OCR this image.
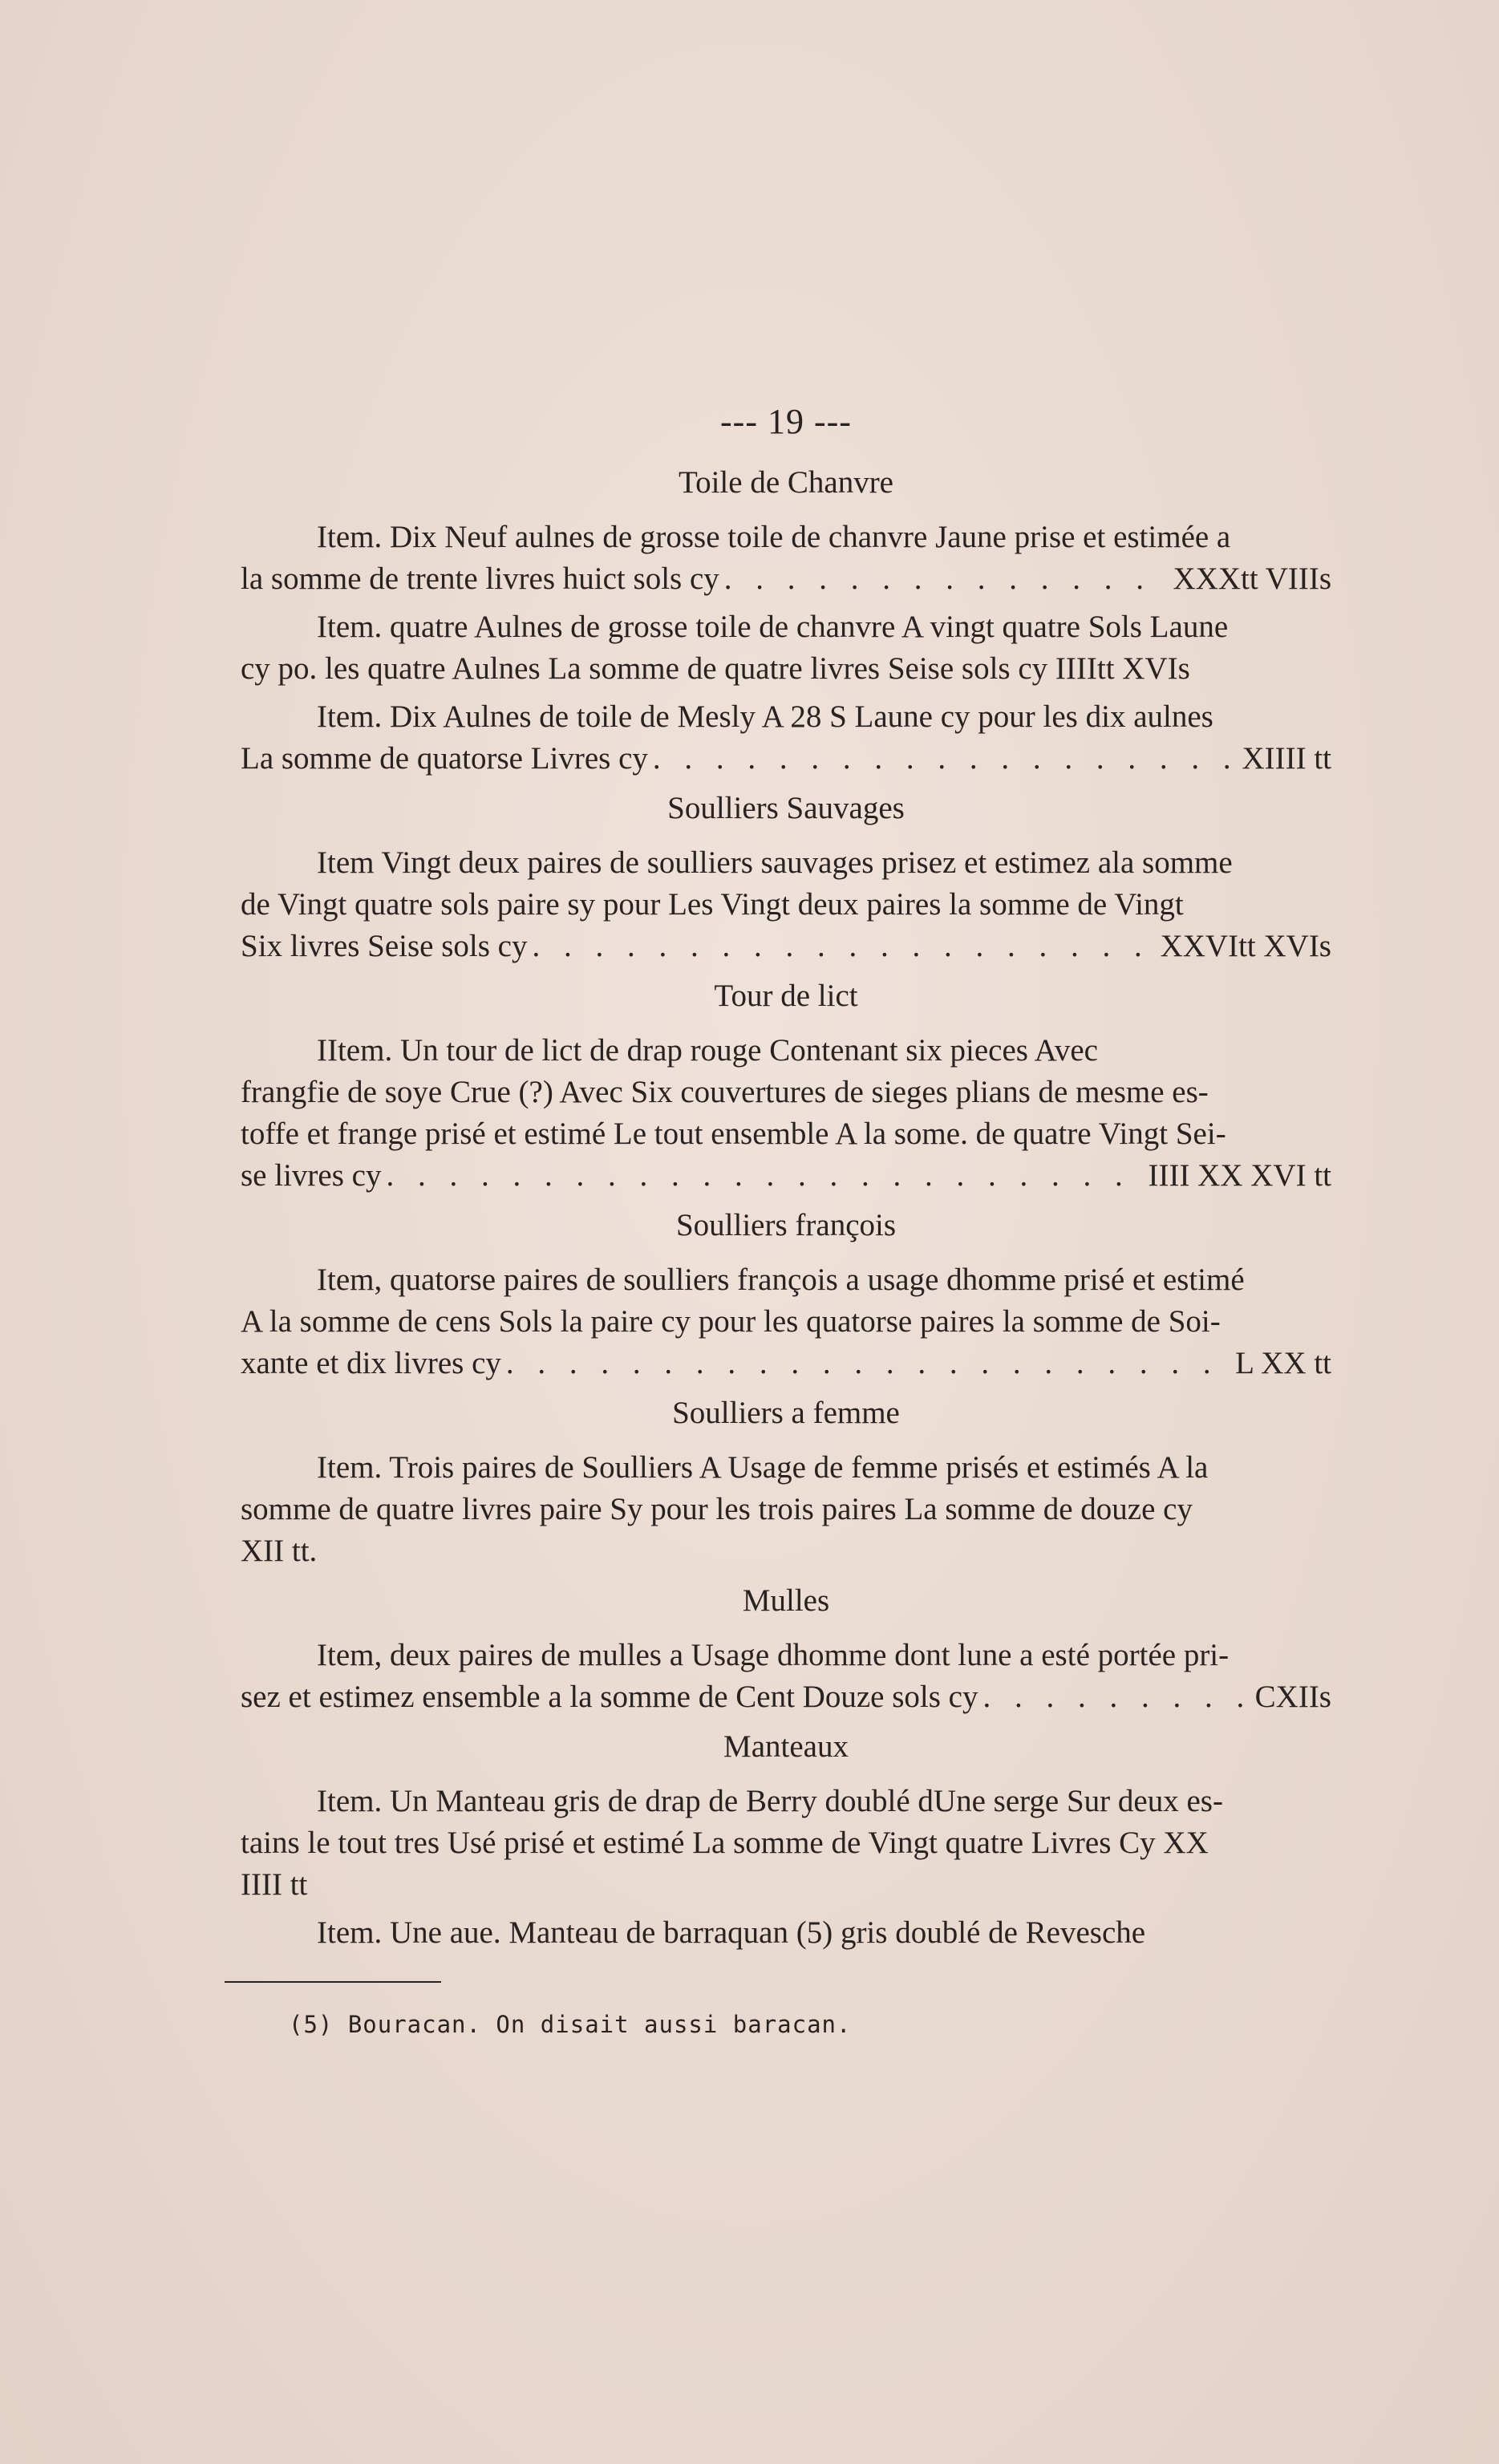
--- 19 ---
Toile de Chanvre
Item. Dix Neuf aulnes de grosse toile de chanvre Jaune prise et estimée a
la somme de trente livres huict sols cy . . .	XXXtt VIIIs
Item. quatre Aulnes de grosse toile de chanvre A vingt quatre Sols Laune
cy po. les quatre Aulnes La somme de quatre livres Seise sols cy IIIItt XVIs
Item. Dix Aulnes de toile de Mesly A 28 S Laune cy pour les dix aulnes
La somme de quatorse Livres cy . . .	XIIII tt
Soulliers Sauvages
Item Vingt deux paires de soulliers sauvages prisez et estimez ala somme
de Vingt quatre sols paire sy pour Les Vingt deux paires la somme de Vingt
Six livres Seise sols cy . . .	XXVItt XVIs
Tour de lict
IItem. Un tour de lict de drap rouge Contenant six pieces Avec
frangfie de soye Crue (?) Avec Six couvertures de sieges plians de mesme es-
toffe et frange prisé et estimé Le tout ensemble A la some. de quatre Vingt Sei-
se livres cy . . .	IIII XX XVI tt
Soulliers françois
Item, quatorse paires de soulliers françois a usage dhomme prisé et estimé
A la somme de cens Sols la paire cy pour les quatorse paires la somme de Soi-
xante et dix livres cy . . .	L XX tt
Soulliers a femme
Item. Trois paires de Soulliers A Usage de femme prisés et estimés A la
somme de quatre livres paire Sy pour les trois paires La somme de douze cy
XII tt.
Mulles
Item, deux paires de mulles a Usage dhomme dont lune a esté portée pri-
sez et estimez ensemble a la somme de Cent Douze sols cy . . .	CXIIs
Manteaux
Item. Un Manteau gris de drap de Berry doublé dUne serge Sur deux es-
tains le tout tres Usé prisé et estimé La somme de Vingt quatre Livres Cy XX
IIII tt
Item. Une aue. Manteau de barraquan (5) gris doublé de Revesche
(5) Bouracan. On disait aussi baracan.
